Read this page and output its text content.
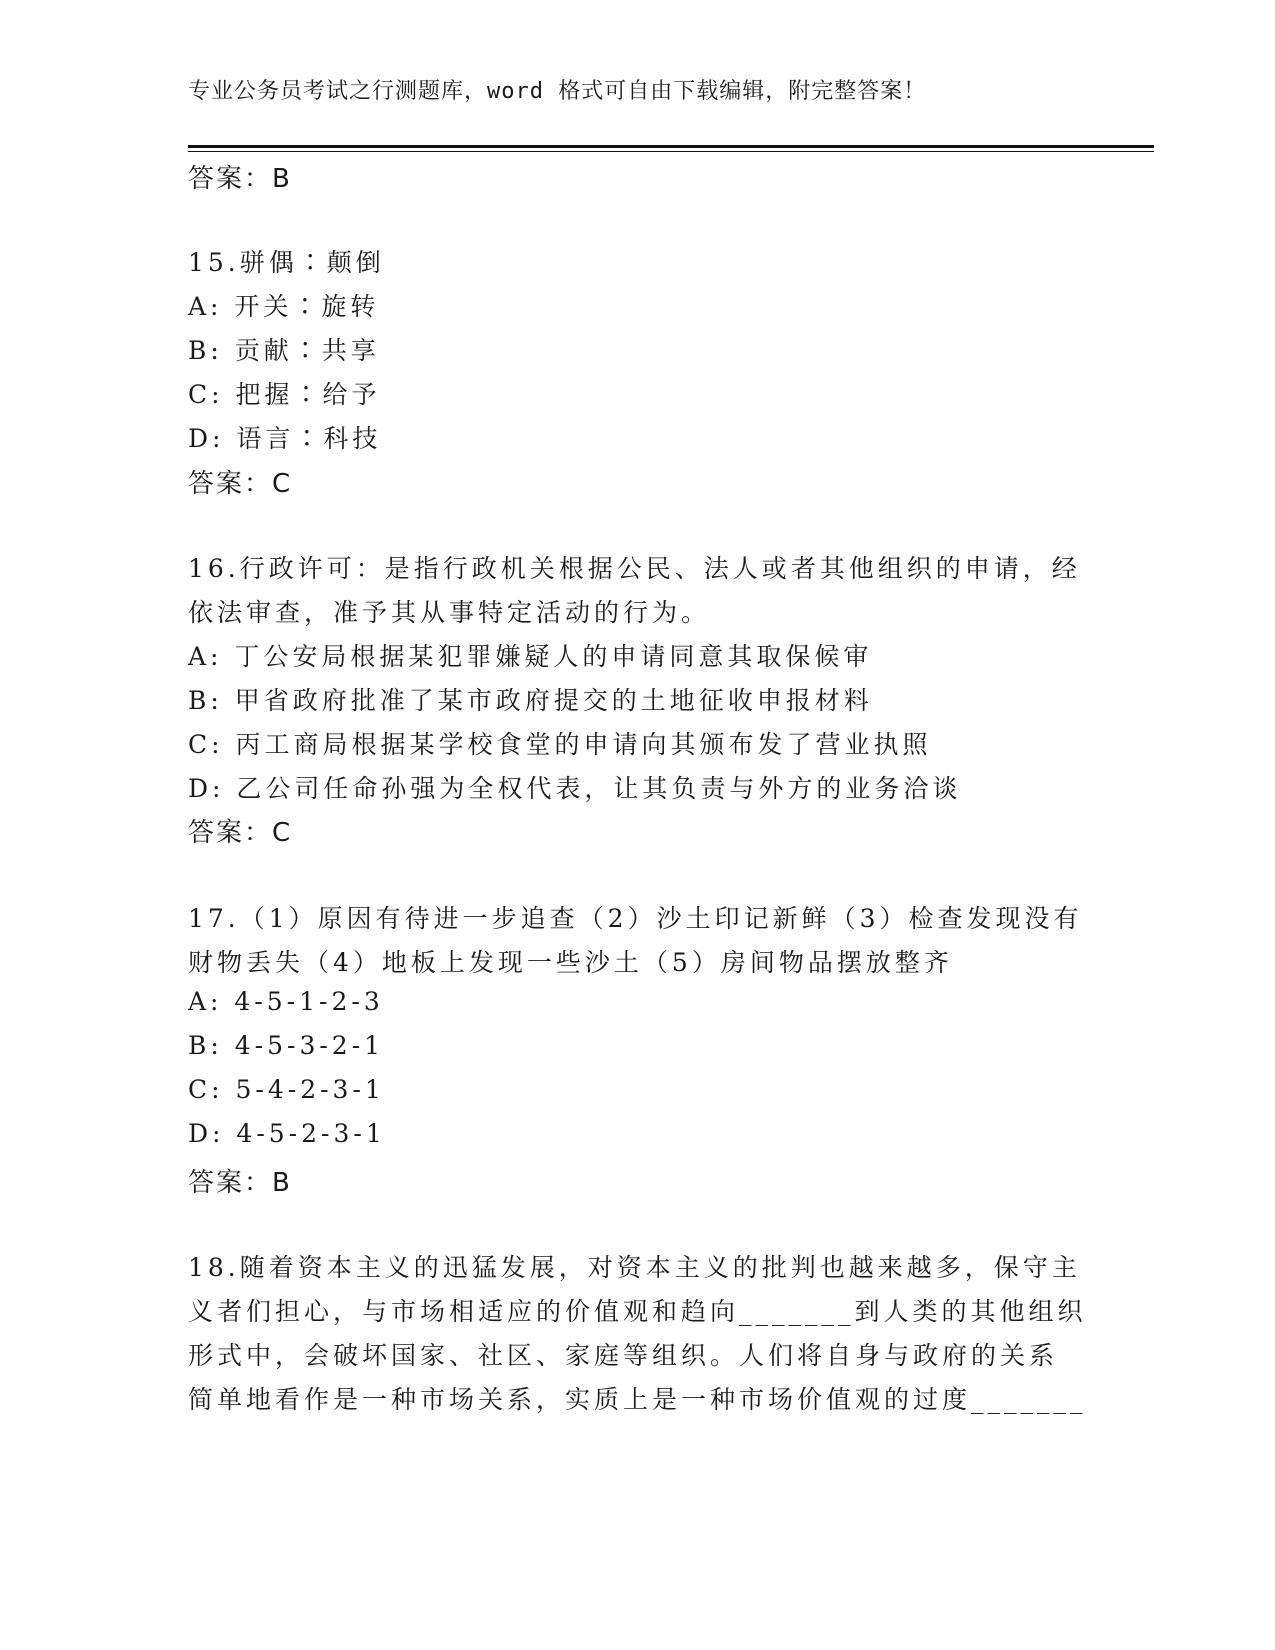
专业公务员考试之行测题库，word 格式可自由下载编辑，附完整答案！
答案：B
15.骈偶∶颠倒
A: 开关∶旋转
B: 贡献∶共享
C: 把握∶给予
D: 语言∶科技
答案：C
16.行政许可：是指行政机关根据公民、法人或者其他组织的申请，经
依法审查，准予其从事特定活动的行为。
A: 丁公安局根据某犯罪嫌疑人的申请同意其取保候审
B: 甲省政府批准了某市政府提交的土地征收申报材料
C: 丙工商局根据某学校食堂的申请向其颁布发了营业执照
D: 乙公司任命孙强为全权代表，让其负责与外方的业务洽谈
答案：C
17.（1）原因有待进一步追查（2）沙土印记新鲜（3）检查发现没有
财物丢失（4）地板上发现一些沙土（5）房间物品摆放整齐
A: 4-5-1-2-3
B: 4-5-3-2-1
C: 5-4-2-3-1
D: 4-5-2-3-1
答案：B
18.随着资本主义的迅猛发展，对资本主义的批判也越来越多，保守主
义者们担心，与市场相适应的价值观和趋向_______到人类的其他组织
形式中，会破坏国家、社区、家庭等组织。人们将自身与政府的关系
简单地看作是一种市场关系，实质上是一种市场价值观的过度_______
